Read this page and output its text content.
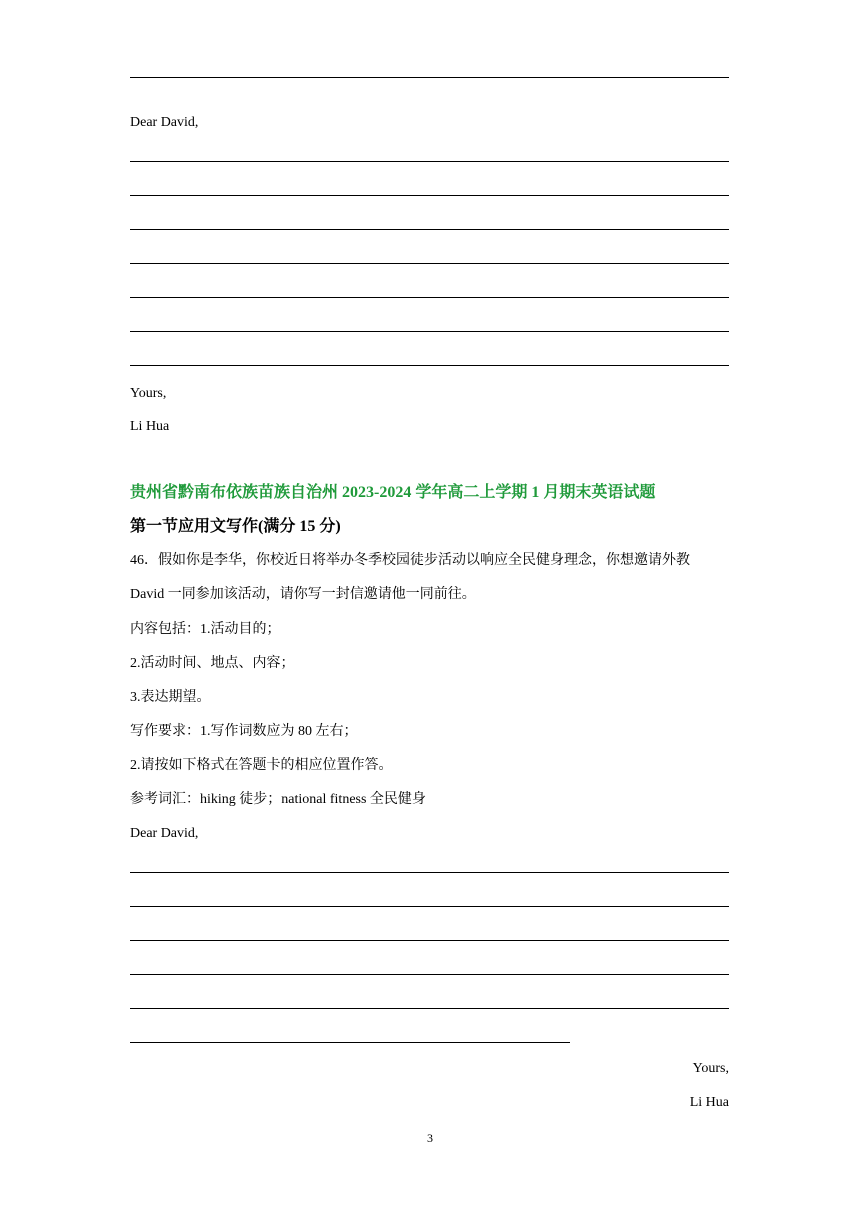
Dear David,
Yours,
Li Hua
贵州省黔南布依族苗族自治州 2023-2024 学年高二上学期 1 月期末英语试题
第一节应用文写作(满分 15 分)
46．假如你是李华，你校近日将举办冬季校园徒步活动以响应全民健身理念，你想邀请外教
David 一同参加该活动，请你写一封信邀请他一同前往。
内容包括：1.活动目的；
2.活动时间、地点、内容；
3.表达期望。
写作要求：1.写作词数应为 80 左右；
2.请按如下格式在答题卡的相应位置作答。
参考词汇：hiking 徒步；national fitness 全民健身
Dear David,
Yours,
Li Hua
3
